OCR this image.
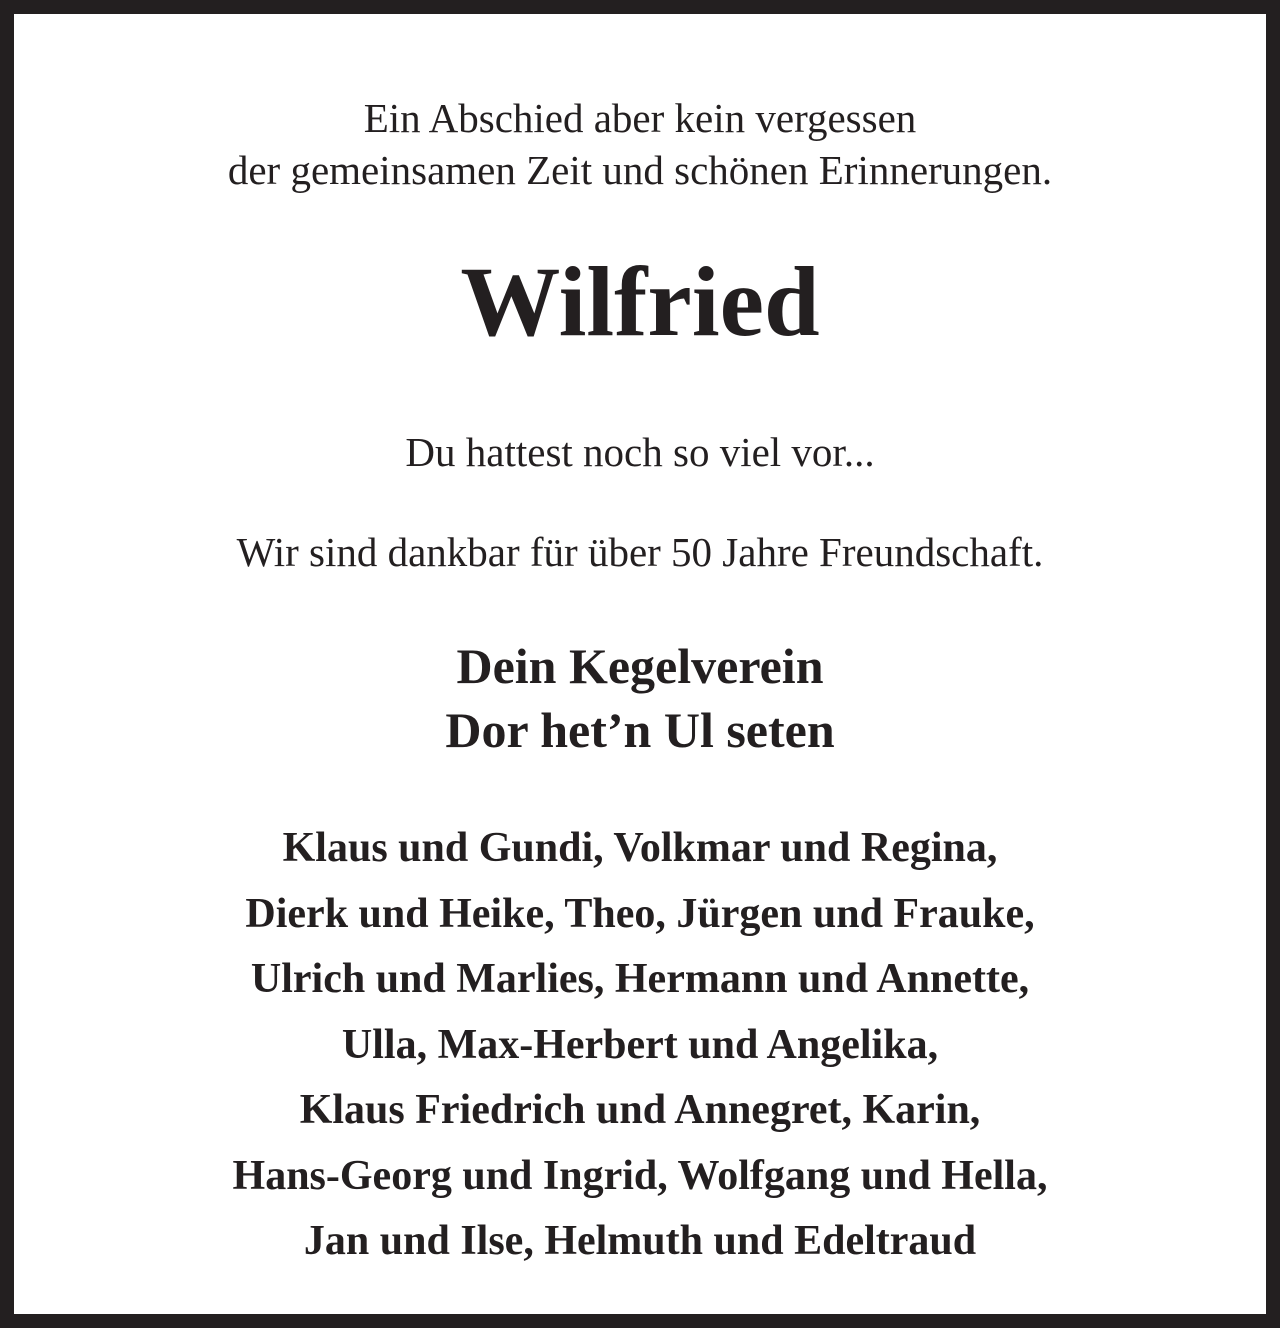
Ein Abschied aber kein vergessen

der gemeinsamen Zeit und schönen Erinnerungen.

Wilfried

Du hattest noch so viel vor...

Wir sind dankbar für über 50 Jahre Freundschaft.

Dein Kegelverein

Dor het’n Ul seten

Klaus und Gundi, Volkmar und Regina,
Dierk und Heike, Theo, Jürgen und Frauke,
Ulrich und Marlies, Hermann und Annette,
Ulla, Max-Herbert und Angelika,
Klaus Friedrich und Annegret, Karin,
Hans-Georg und Ingrid, Wolfgang und Hella,
Jan und Ilse, Helmuth und Edeltraud
